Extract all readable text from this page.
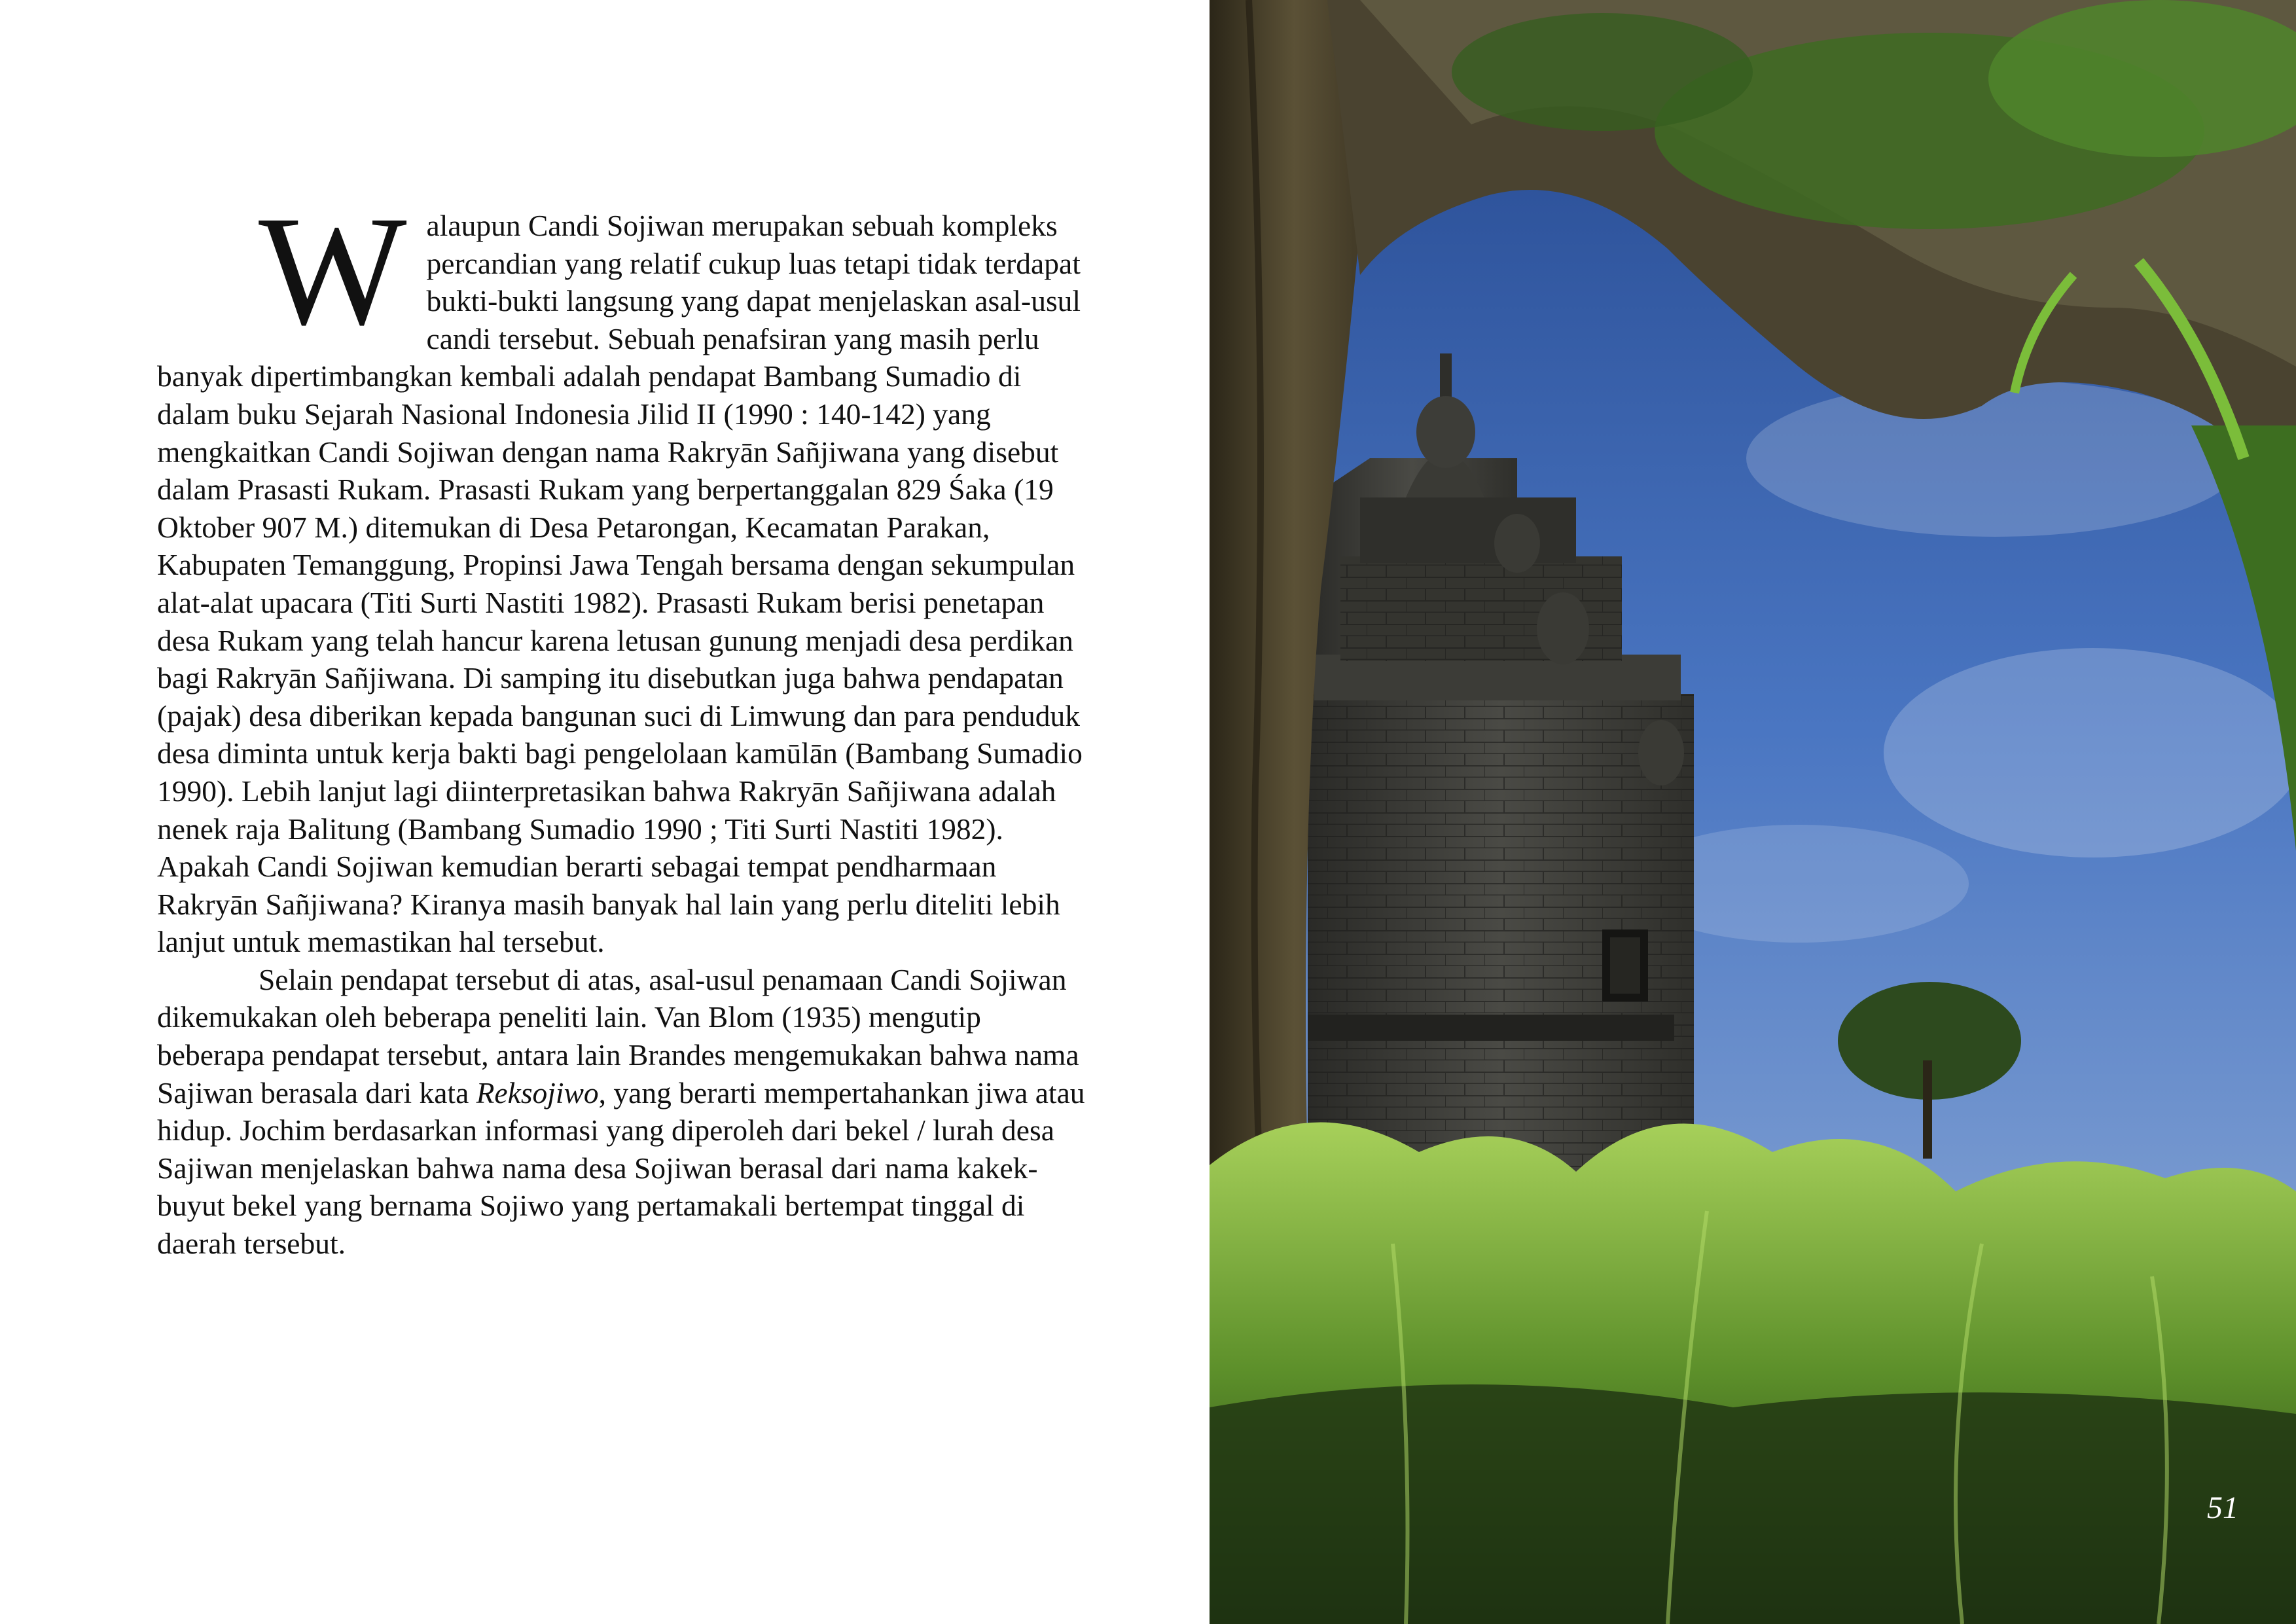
Walaupun Candi Sojiwan merupakan sebuah kompleks percandian yang relatif cukup luas tetapi tidak terdapat bukti-bukti langsung yang dapat menjelaskan asal-usul candi tersebut. Sebuah penafsiran yang masih perlu banyak dipertimbangkan kembali adalah pendapat Bambang Sumadio di dalam buku Sejarah Nasional Indonesia Jilid II (1990 : 140-142) yang mengkaitkan Candi Sojiwan dengan nama Rakryān Sañjiwana yang disebut dalam Prasasti Rukam. Prasasti Rukam yang berpertanggalan 829 Śaka (19 Oktober 907 M.) ditemukan di Desa Petarongan, Kecamatan Parakan, Kabupaten Temanggung, Propinsi Jawa Tengah bersama dengan sekumpulan alat-alat upacara (Titi Surti Nastiti 1982). Prasasti Rukam berisi penetapan desa Rukam yang telah hancur karena letusan gunung menjadi desa perdikan bagi Rakryān Sañjiwana. Di samping itu disebutkan juga bahwa pendapatan (pajak) desa diberikan kepada bangunan suci di Limwung dan para penduduk desa diminta untuk kerja bakti bagi pengelolaan kamūlān (Bambang Sumadio 1990). Lebih lanjut lagi diinterpretasikan bahwa Rakryān Sañjiwana adalah nenek raja Balitung (Bambang Sumadio 1990 ; Titi Surti Nastiti 1982). Apakah Candi Sojiwan kemudian berarti sebagai tempat pendharmaan Rakryān Sañjiwana? Kiranya masih banyak hal lain yang perlu diteliti lebih lanjut untuk memastikan hal tersebut.

Selain pendapat tersebut di atas, asal-usul penamaan Candi Sojiwan dikemukakan oleh beberapa peneliti lain. Van Blom (1935) mengutip beberapa pendapat tersebut, antara lain Brandes mengemukakan bahwa nama Sajiwan berasala dari kata Reksojiwo, yang berarti mempertahankan jiwa atau hidup. Jochim berdasarkan informasi yang diperoleh dari bekel / lurah desa Sajiwan menjelaskan bahwa nama desa Sojiwan berasal dari nama kakek-buyut bekel yang bernama Sojiwo yang pertamakali bertempat tinggal di daerah tersebut.

51
